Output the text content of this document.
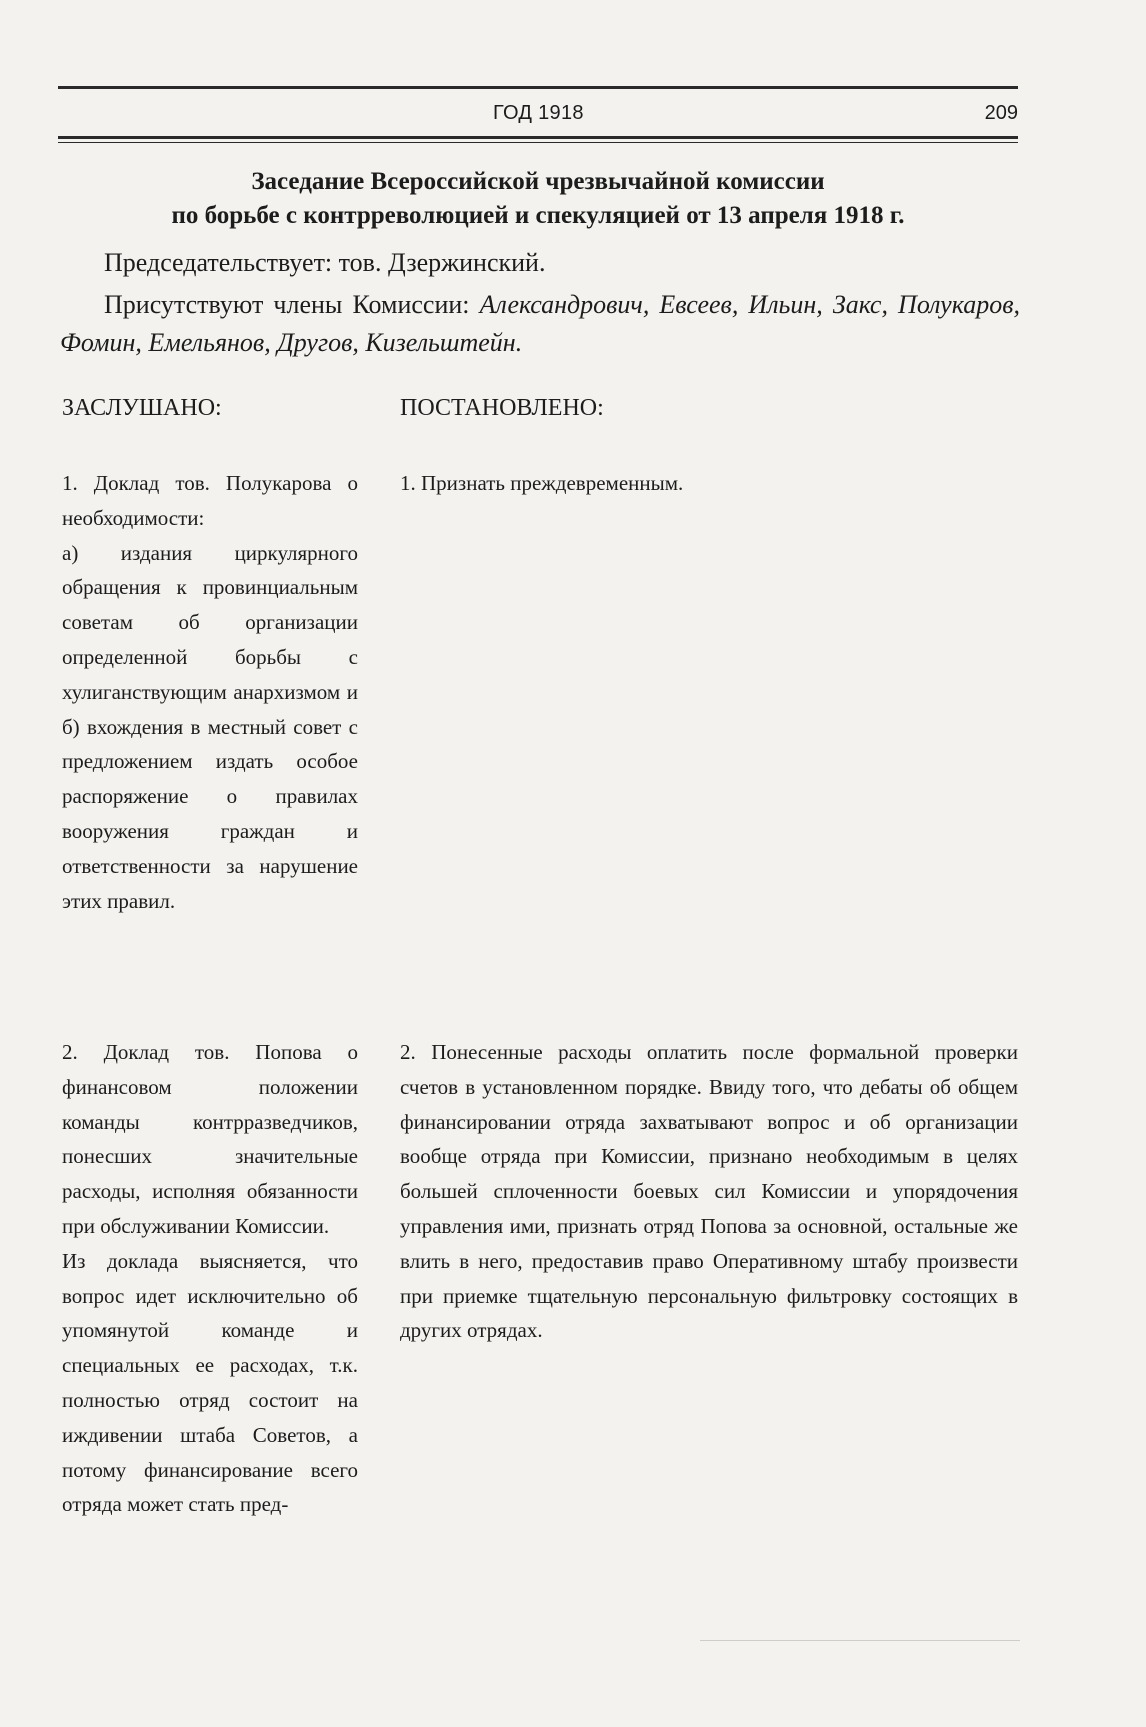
ГОД 1918	209
Заседание Всероссийской чрезвычайной комиссии
по борьбе с контрреволюцией и спекуляцией от 13 апреля 1918 г.
Председательствует: тов. Дзержинский.
Присутствуют члены Комиссии: Александрович, Евсеев, Ильин, Закс, Полукаров, Фомин, Емельянов, Другов, Кизельштейн.
ЗАСЛУШАНО:	ПОСТАНОВЛЕНО:

1. Доклад тов. Полукарова о необходимости:

а) издания циркулярного обращения к провинциальным советам об организации определенной борьбы с хулиганствующим анархизмом и б) вхождения в местный совет с предложением издать особое распоряжение о правилах вооружения граждан и ответственности за нарушение этих правил.

1. Признать преждевременным.

2. Доклад тов. Попова о финансовом положении команды контрразведчиков, понесших значительные расходы, исполняя обязанности при обслуживании Комиссии.

Из доклада выясняется, что вопрос идет исключительно об упомянутой команде и специальных ее расходах, т.к. полностью отряд состоит на иждивении штаба Советов, а потому финансирование всего отряда может стать пред-

2. Понесенные расходы оплатить после формальной проверки счетов в установленном порядке. Ввиду того, что дебаты об общем финансировании отряда захватывают вопрос и об организации вообще отряда при Комиссии, признано необходимым в целях большей сплоченности боевых сил Комиссии и упорядочения управления ими, признать отряд Попова за основной, остальные же влить в него, предоставив право Оперативному штабу произвести при приемке тщательную персональную фильтровку состоящих в других отрядах.
